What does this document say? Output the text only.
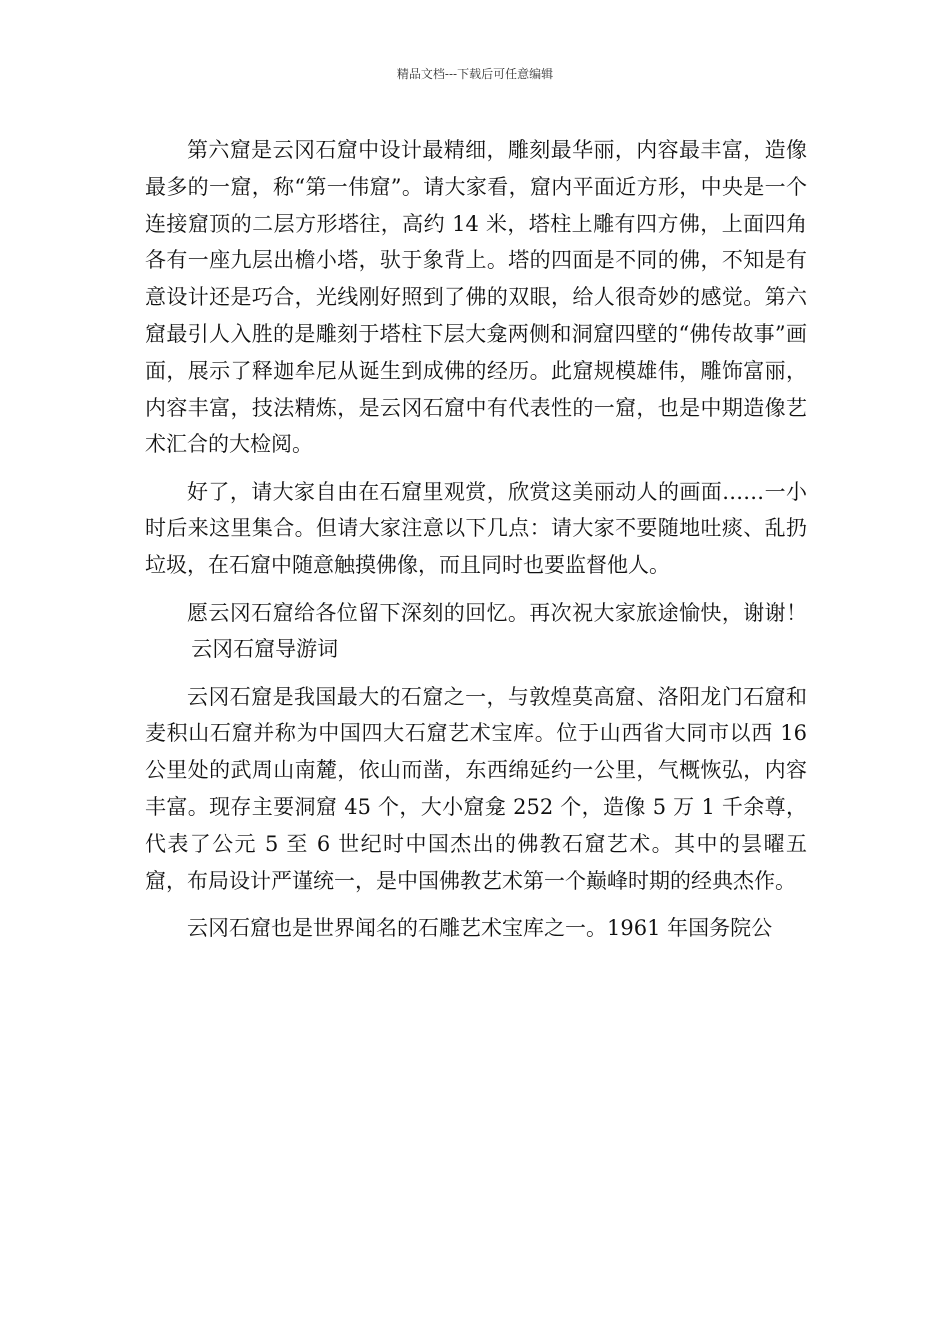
精品文档---下载后可任意编辑

第六窟是云冈石窟中设计最精细，雕刻最华丽，内容最丰富，造像最多的一窟，称“第一伟窟”。请大家看，窟内平面近方形，中央是一个连接窟顶的二层方形塔往，高约 14 米，塔柱上雕有四方佛，上面四角各有一座九层出檐小塔，驮于象背上。塔的四面是不同的佛，不知是有意设计还是巧合，光线刚好照到了佛的双眼，给人很奇妙的感觉。第六窟最引人入胜的是雕刻于塔柱下层大龛两侧和洞窟四壁的“佛传故事”画面，展示了释迦牟尼从诞生到成佛的经历。此窟规模雄伟，雕饰富丽，内容丰富，技法精炼，是云冈石窟中有代表性的一窟，也是中期造像艺术汇合的大检阅。

好了，请大家自由在石窟里观赏，欣赏这美丽动人的画面……一小时后来这里集合。但请大家注意以下几点：请大家不要随地吐痰、乱扔垃圾，在石窟中随意触摸佛像，而且同时也要监督他人。

愿云冈石窟给各位留下深刻的回忆。再次祝大家旅途愉快，谢谢！云冈石窟导游词

云冈石窟是我国最大的石窟之一，与敦煌莫高窟、洛阳龙门石窟和麦积山石窟并称为中国四大石窟艺术宝库。位于山西省大同市以西 16 公里处的武周山南麓，依山而凿，东西绵延约一公里，气概恢弘，内容丰富。现存主要洞窟 45 个，大小窟龛 252 个，造像 5 万 1 千余尊，代表了公元 5 至 6 世纪时中国杰出的佛教石窟艺术。其中的昙曜五窟，布局设计严谨统一，是中国佛教艺术第一个巅峰时期的经典杰作。

云冈石窟也是世界闻名的石雕艺术宝库之一。1961 年国务院公
